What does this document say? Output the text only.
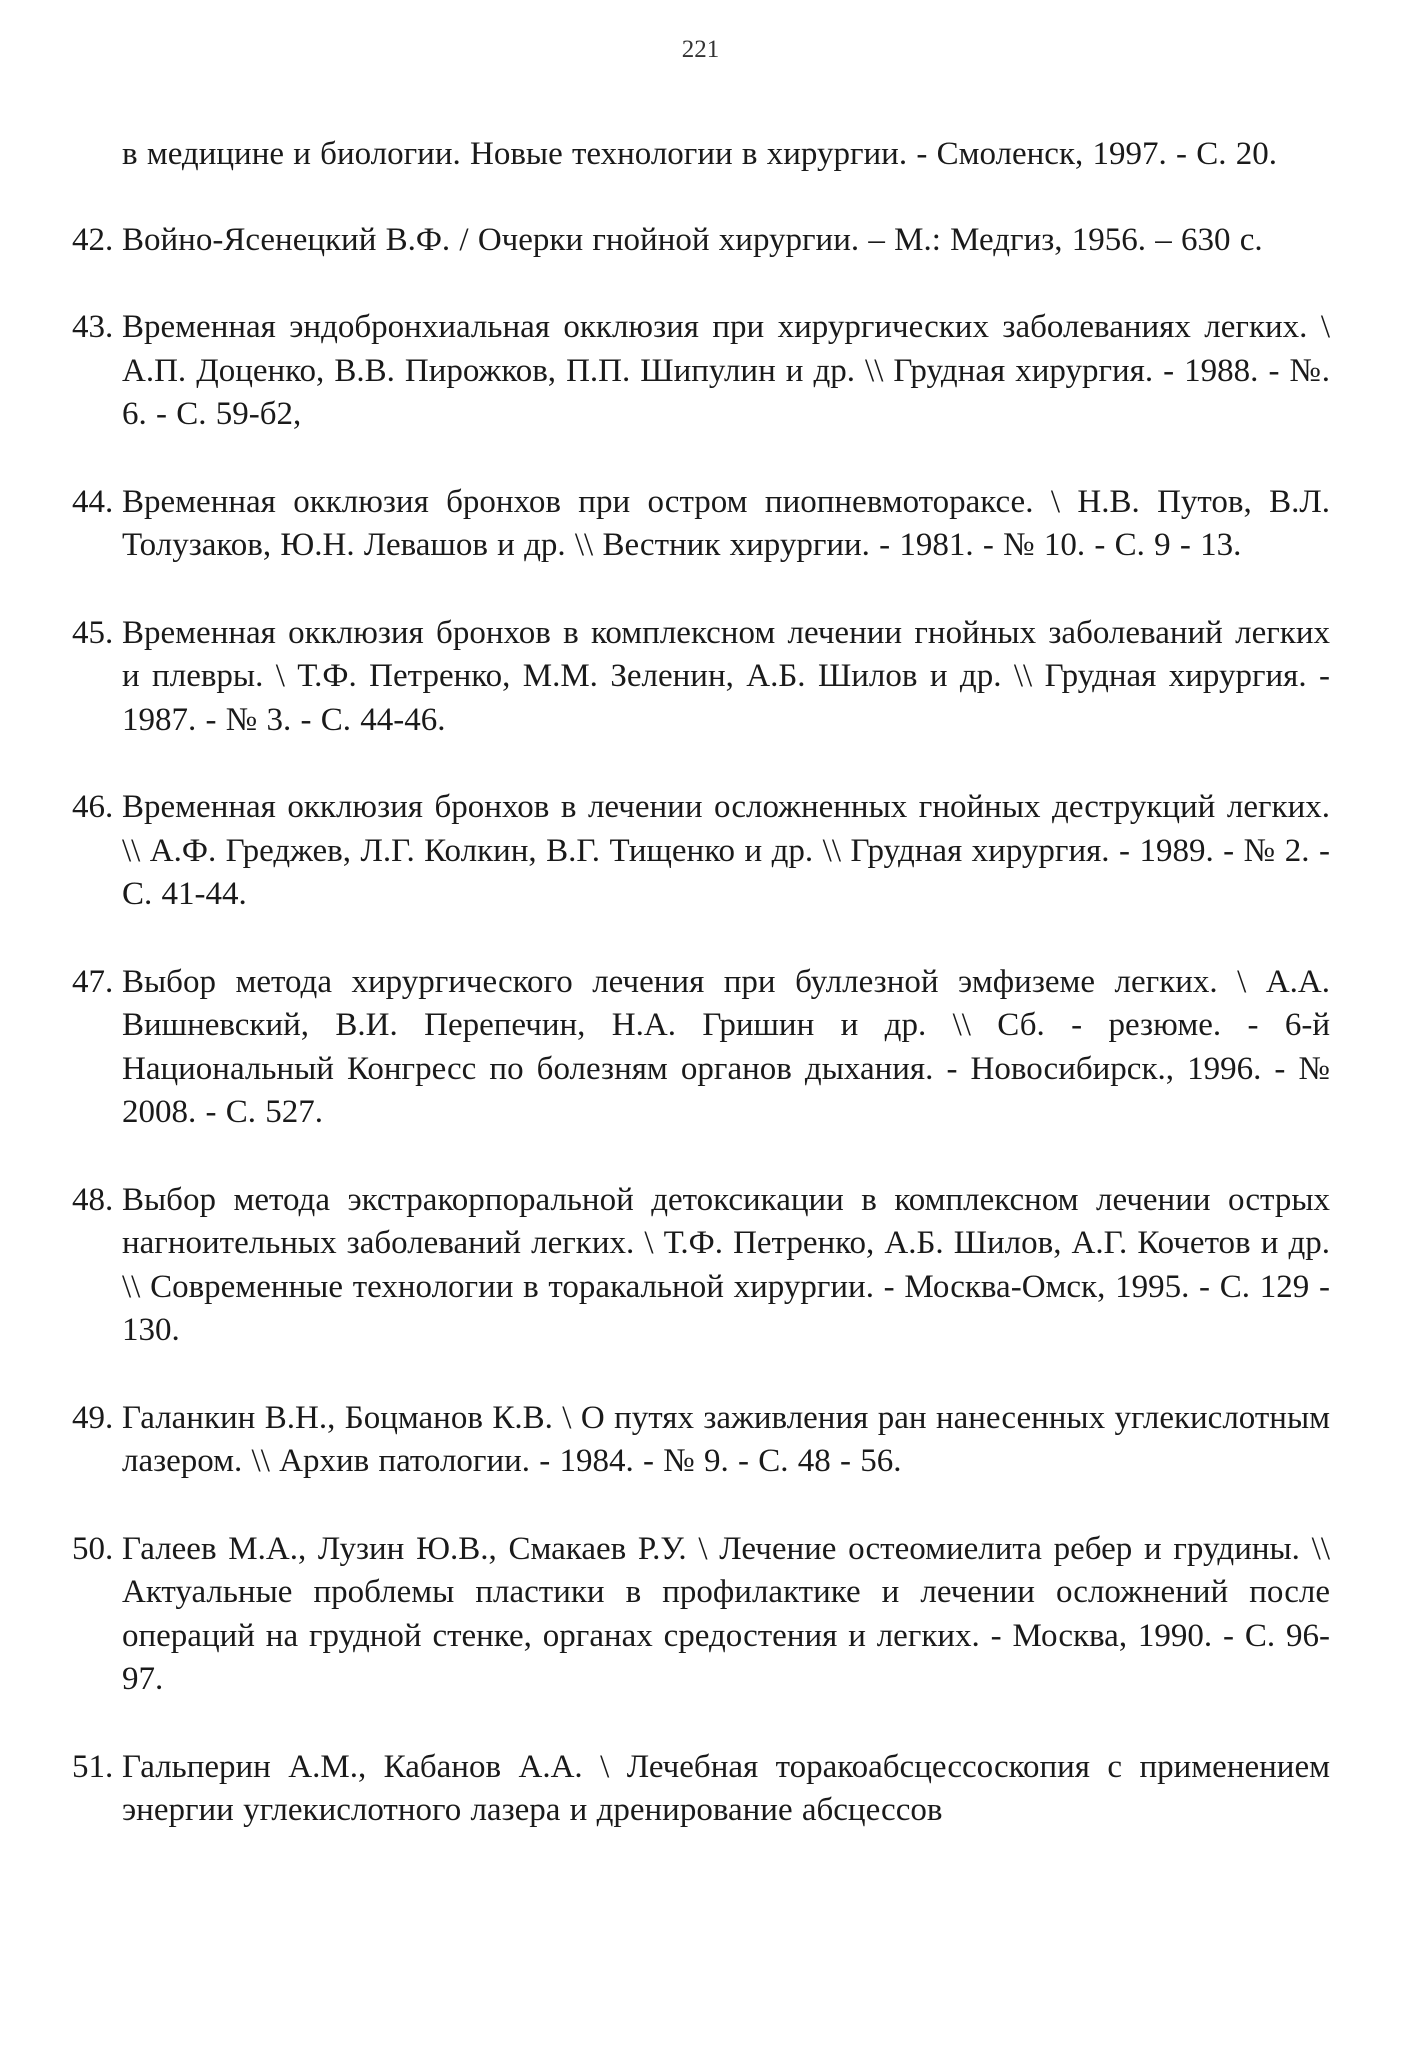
221

в медицине и биологии. Новые технологии в хирургии. - Смоленск, 1997. - С. 20.

42. Войно-Ясенецкий В.Ф. / Очерки гнойной хирургии. – М.: Медгиз, 1956. – 630 с.

43. Временная эндобронхиальная окклюзия при хирургических заболеваниях легких. \ А.П. Доценко, В.В. Пирожков, П.П. Шипулин и др. \\ Грудная хирургия. - 1988. - №. 6. - С. 59-б2,

44. Временная окклюзия бронхов при остром пиопневмотораксе. \ Н.В. Путов, В.Л. Толузаков, Ю.Н. Левашов и др. \\ Вестник хирургии. - 1981. - № 10. - С. 9 - 13.

45. Временная окклюзия бронхов в комплексном лечении гнойных заболеваний легких и плевры. \ Т.Ф. Петренко, М.М. Зеленин, А.Б. Шилов и др. \\ Грудная хирургия. - 1987. - № 3. - С. 44-46.

46. Временная окклюзия бронхов в лечении осложненных гнойных деструкций легких. \\ А.Ф. Греджев, Л.Г. Колкин, В.Г. Тищенко и др. \\ Грудная хирургия. - 1989. - № 2. - С. 41-44.

47. Выбор метода хирургического лечения при буллезной эмфиземе легких. \ А.А. Вишневский, В.И. Перепечин, Н.А. Гришин и др. \\ Сб. - резюме. - 6-й Национальный Конгресс по болезням органов дыхания. - Новосибирск., 1996. - № 2008. - С. 527.

48. Выбор метода экстракорпоральной детоксикации в комплексном лечении острых нагноительных заболеваний легких. \ Т.Ф. Петренко, А.Б. Шилов, А.Г. Кочетов и др. \\ Современные технологии в торакальной хирургии. - Москва-Омск, 1995. - С. 129 - 130.

49. Галанкин В.Н., Боцманов К.В. \ О путях заживления ран нанесенных углекислотным лазером. \\ Архив патологии. - 1984. - № 9. - С. 48 - 56.

50. Галеев М.А., Лузин Ю.В., Смакаев Р.У. \ Лечение остеомиелита ребер и грудины. \\ Актуальные проблемы пластики в профилактике и лечении осложнений после операций на грудной стенке, органах средостения и легких. - Москва, 1990. - С. 96-97.

51. Гальперин А.М., Кабанов А.А. \ Лечебная торакоабсцессоскопия с применением энергии углекислотного лазера и дренирование абсцессов
